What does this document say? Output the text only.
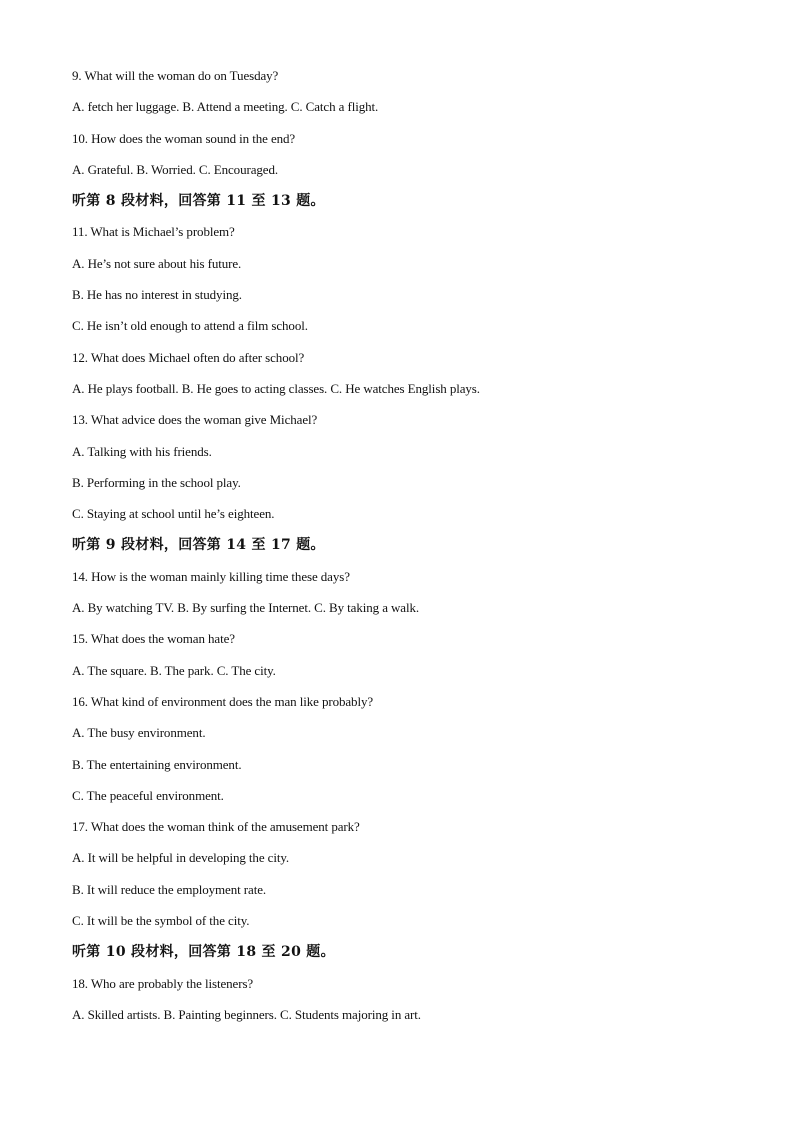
9. What will the woman do on Tuesday?
A. fetch her luggage. B. Attend a meeting. C. Catch a flight.
10. How does the woman sound in the end?
A. Grateful. B. Worried. C. Encouraged.
听第 8 段材料，回答第 11 至 13 题。
11. What is Michael’s problem?
A. He’s not sure about his future.
B. He has no interest in studying.
C. He isn’t old enough to attend a film school.
12. What does Michael often do after school?
A. He plays football. B. He goes to acting classes. C. He watches English plays.
13. What advice does the woman give Michael?
A. Talking with his friends.
B. Performing in the school play.
C. Staying at school until he’s eighteen.
听第 9 段材料，回答第 14 至 17 题。
14. How is the woman mainly killing time these days?
A. By watching TV. B. By surfing the Internet. C. By taking a walk.
15. What does the woman hate?
A. The square. B. The park. C. The city.
16. What kind of environment does the man like probably?
A. The busy environment.
B. The entertaining environment.
C. The peaceful environment.
17. What does the woman think of the amusement park?
A. It will be helpful in developing the city.
B. It will reduce the employment rate.
C. It will be the symbol of the city.
听第 10 段材料，回答第 18 至 20 题。
18. Who are probably the listeners?
A. Skilled artists. B. Painting beginners. C. Students majoring in art.
